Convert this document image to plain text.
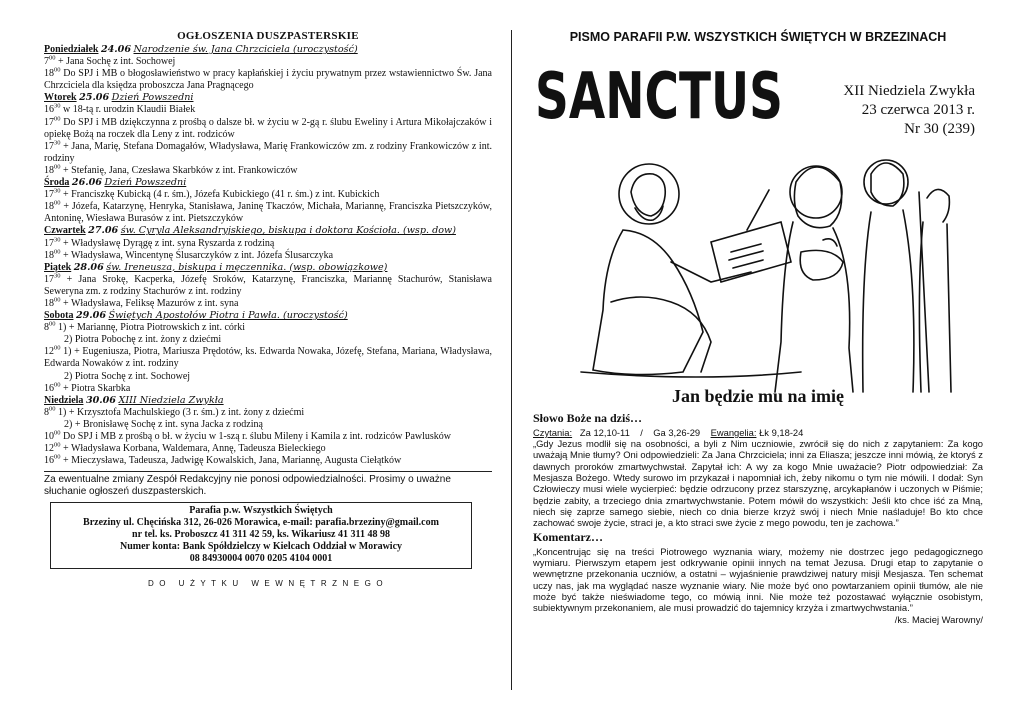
OGŁOSZENIA DUSZPASTERSKIE
Poniedziałek 24.06 Narodzenie św. Jana Chrzciciela (uroczystość)
$7^{00}$ + Jana Sochę z int. Sochowej
$18^{00}$ Do SPJ i MB o błogosławieństwo w pracy kapłańskiej i życiu prywatnym przez wstawiennictwo Św. Jana Chrzciciela dla księdza proboszcza Jana Pragnącego
Wtorek 25.06 Dzień Powszedni
$16^{30}$ w 18-tą r. urodzin Klaudii Białek
$17^{00}$ Do SPJ i MB dziękczynna z prośbą o dalsze bł. w życiu w 2-gą r. ślubu Eweliny i Artura Mikołajczaków i opiekę Bożą na roczek dla Leny z int. rodziców
$17^{30}$ + Jana, Marię, Stefana Domagałów, Władysława, Marię Frankowiczów zm. z rodziny Frankowiczów z int. rodziny
$18^{00}$ + Stefanię, Jana, Czesława Skarbków z int. Frankowiczów
Środa 26.06 Dzień Powszedni
$17^{30}$ + Franciszkę Kubicką (4 r. śm.), Józefa Kubickiego (41 r. śm.) z int. Kubickich
$18^{00}$ + Józefa, Katarzynę, Henryka, Stanisława, Janinę Tkaczów, Michała, Mariannę, Franciszka Pietszczyków, Antoninę, Wiesława Burasów z int. Pietszczyków
Czwartek 27.06 św. Cyryla Aleksandryjskiego, biskupa i doktora Kościoła. (wsp. dow)
$17^{30}$ + Władysławę Dyrągę z int. syna Ryszarda z rodziną
$18^{00}$ + Władysława, Wincentynę Ślusarczyków z int. Józefa Ślusarczyka
Piątek 28.06 św. Ireneusza, biskupa i męczennika. (wsp. obowiązkowe)
$17^{30}$ + Jana Srokę, Kacperka, Józefę Sroków, Katarzynę, Franciszka, Mariannę Stachurów, Stanisława Seweryna zm. z rodziny Stachurów z int. rodziny
$18^{00}$ + Władysława, Feliksę Mazurów z int. syna
Sobota 29.06 Świętych Apostołów Piotra i Pawła. (uroczystość)
$8^{00}$ 1) + Mariannę, Piotra Piotrowskich z int. córki
2) Piotra Pobochę z int. żony z dziećmi
$12^{00}$ 1) + Eugeniusza, Piotra, Mariusza Prędotów, ks. Edwarda Nowaka, Józefę, Stefana, Mariana, Władysława, Edwarda Nowaków z int. rodziny
2) Piotra Sochę z int. Sochowej
$16^{00}$ + Piotra Skarbka
Niedziela 30.06 XIII Niedziela Zwykła
$8^{00}$ 1) + Krzysztofa Machulskiego (3 r. śm.) z int. żony z dziećmi
2) + Bronisławę Sochę z int. syna Jacka z rodziną
$10^{00}$ Do SPJ i MB z prośbą o bł. w życiu w 1-szą r. ślubu Mileny i Kamila z int. rodziców Pawlusków
$12^{00}$ + Władysława Korbana, Waldemara, Annę, Tadeusza Bieleckiego
$16^{00}$ + Mieczysława, Tadeusza, Jadwigę Kowalskich, Jana, Mariannę, Augusta Ciełątków
Za ewentualne zmiany Zespół Redakcyjny nie ponosi odpowiedzialności. Prosimy o uważne słuchanie ogłoszeń duszpasterskich.
Parafia p.w. Wszystkich Świętych
Brzeziny ul. Chęcińska 312, 26-026 Morawica, e-mail: parafia.brzeziny@gmail.com
nr tel. ks. Proboszcz 41 311 42 59, ks. Wikariusz 41 311 48 98
Numer konta: Bank Spółdzielczy w Kielcach Oddział w Morawicy
08 84930004 0070 0205 4104 0001
DO UŻYTKU WEWNĘTRZNEGO
PISMO PARAFII P.W. WSZYSTKICH ŚWIĘTYCH W BRZEZINACH
SANCTUS	XII Niedziela Zwykła
23 czerwca 2013 r.
Nr 30 (239)
Jan będzie mu na imię
Słowo Boże na dziś…

Czytania: Za 12,10-11 / Ga 3,26-29 Ewangelia: Łk 9,18-24

„Gdy Jezus modlił się na osobności, a byli z Nim uczniowie, zwrócił się do nich z zapytaniem: Za kogo uważają Mnie tłumy? Oni odpowiedzieli: Za Jana Chrzciciela; inni za Eliasza; jeszcze inni mówią, że ktoryś z dawnych proroków zmartwychwstał. Zapytał ich: A wy za kogo Mnie uważacie? Piotr odpowiedział: Za Mesjasza Bożego. Wtedy surowo im przykazał i napomniał ich, żeby nikomu o tym nie mówili. I dodał: Syn Człowieczy musi wiele wycierpieć: będzie odrzucony przez starszyznę, arcykapłanów i uczonych w Piśmie; będzie zabity, a trzeciego dnia zmartwychwstanie. Potem mówił do wszystkich: Jeśli kto chce iść za Mną, niech się zaprze samego siebie, niech co dnia bierze krzyż swój i niech Mnie naśladuje! Bo kto chce zachować swoje życie, straci je, a kto straci swe życie z mego powodu, ten je zachowa.”

Komentarz…

„Koncentrując się na treści Piotrowego wyznania wiary, możemy nie dostrzec jego pedagogicznego wymiaru. Pierwszym etapem jest odkrywanie opinii innych na temat Jezusa. Drugi etap to zapytanie o wewnętrzne przekonania uczniów, a ostatni – wyjaśnienie prawdziwej natury misji Mesjasza. Ten schemat uczy nas, jak ma wyglądać nasze wyznanie wiary. Nie może być ono powtarzaniem opinii tłumów, ale nie może być także nieświadome tego, co mówią inni. Nie może też pozostawać wyłącznie osobistym, subiektywnym przekonaniem, ale musi prowadzić do tajemnicy krzyża i zmartwychwstania.”
/ks. Maciej Warowny/
